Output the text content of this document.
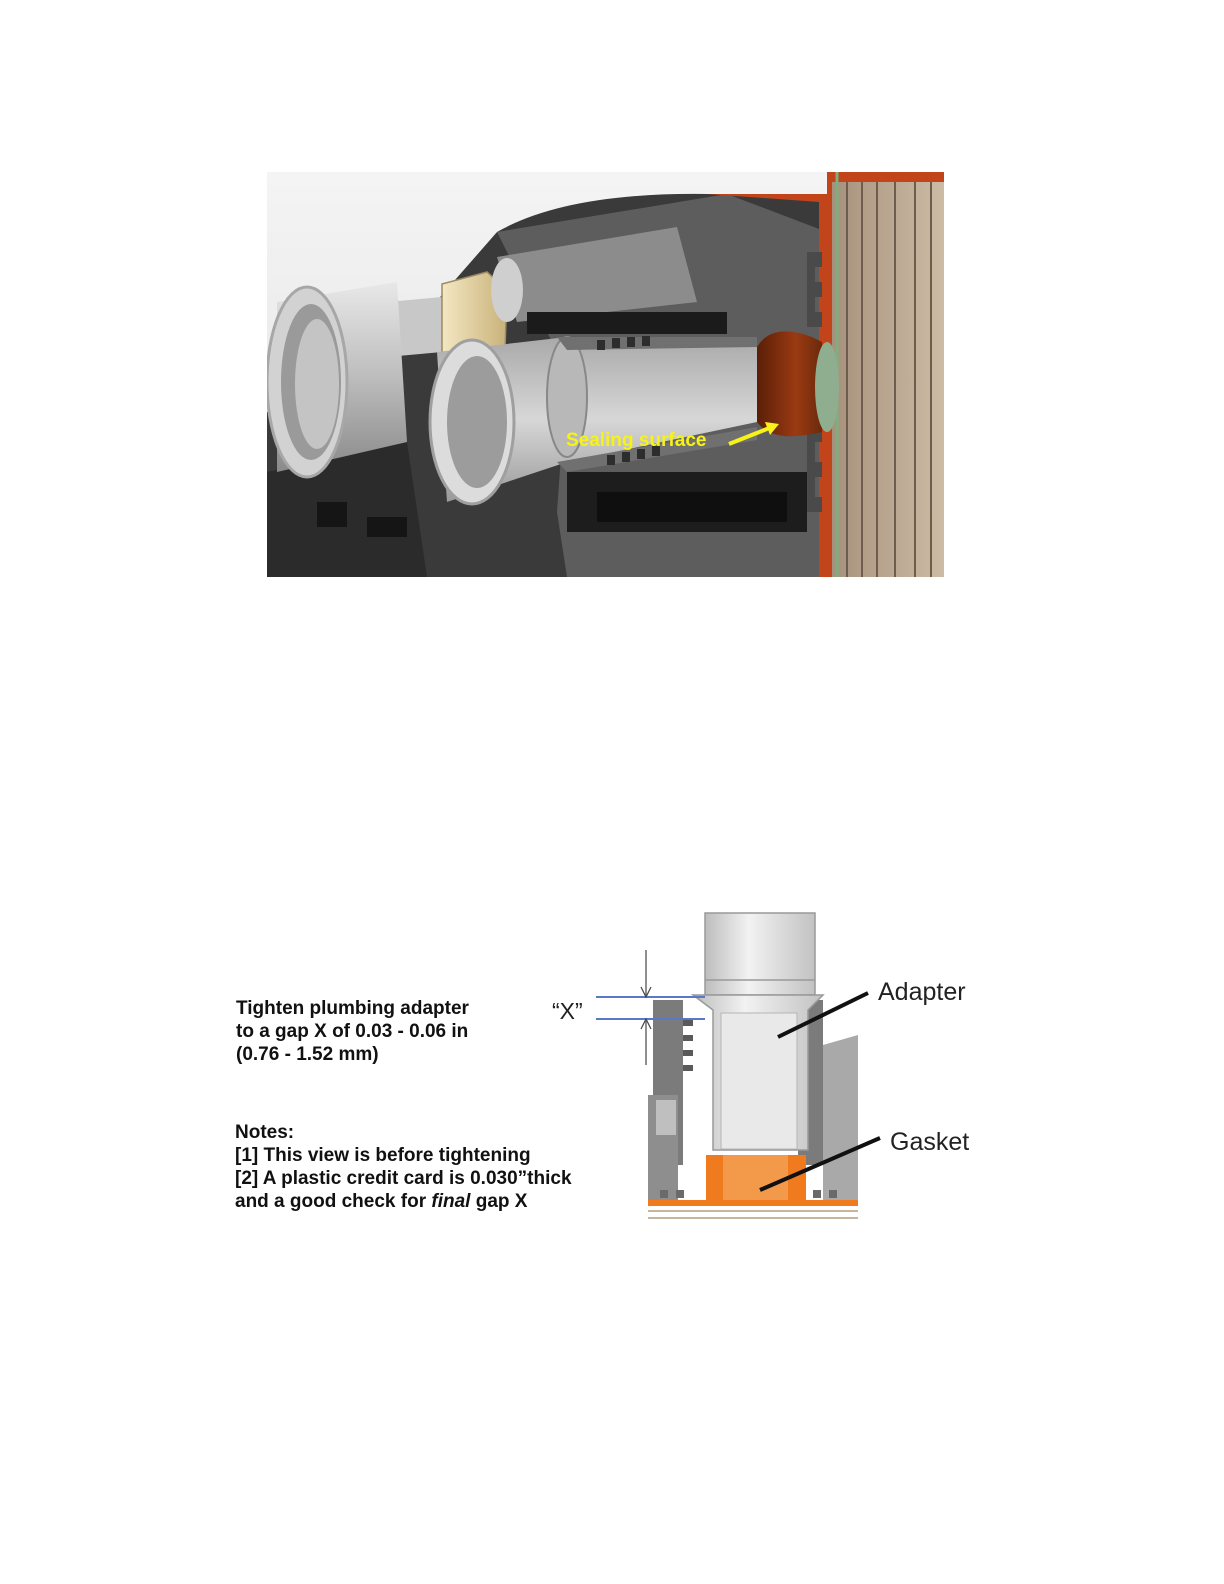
Sealing surface
“X”
Adapter
Gasket
Tighten plumbing adapter
to a gap X of 0.03 - 0.06 in
(0.76 - 1.52 mm)
Notes:
[1] This view is before tightening
[2] A plastic credit card is 0.030”thick
and a good check for final gap X
